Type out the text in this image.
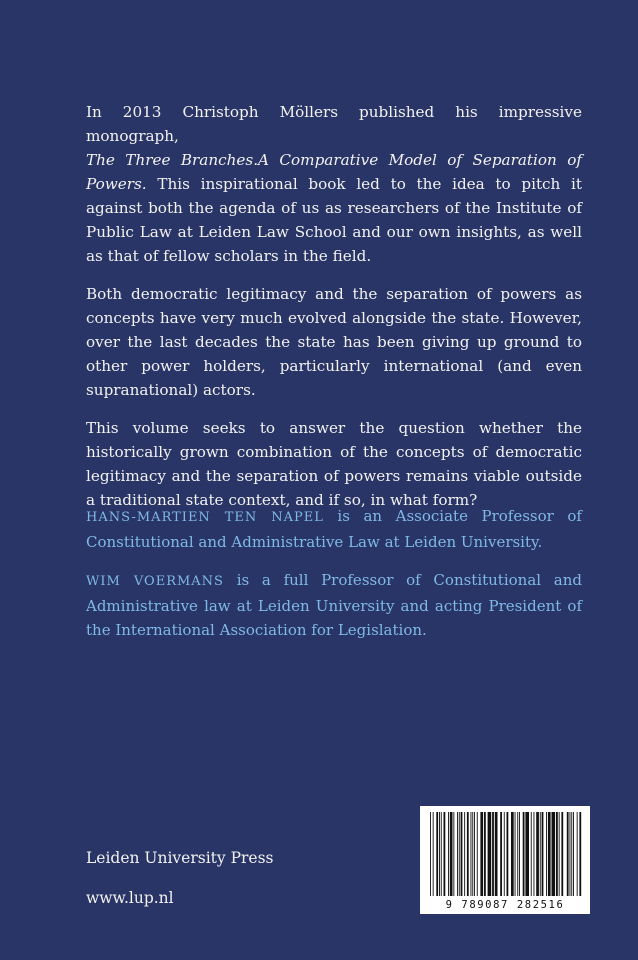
In 2013 Christoph Möllers published his impressive monograph,
The Three Branches.A Comparative Model of Separation of Powers. This inspirational book led to the idea to pitch it against both the agenda of us as researchers of the Institute of Public Law at Leiden Law School and our own insights, as well as that of fellow scholars in the field.

Both democratic legitimacy and the separation of powers as concepts have very much evolved alongside the state. However, over the last decades the state has been giving up ground to other power holders, particularly international (and even supranational) actors.

This volume seeks to answer the question whether the historically grown combination of the concepts of democratic legitimacy and the separation of powers remains viable outside a traditional state context, and if so, in what form?

HANS-MARTIEN TEN NAPEL is an Associate Professor of Constitutional and Administrative Law at Leiden University.

WIM VOERMANS is a full Professor of Constitutional and Administrative law at Leiden University and acting President of the International Association for Legislation.

Leiden University Press
www.lup.nl	9 789087 282516
